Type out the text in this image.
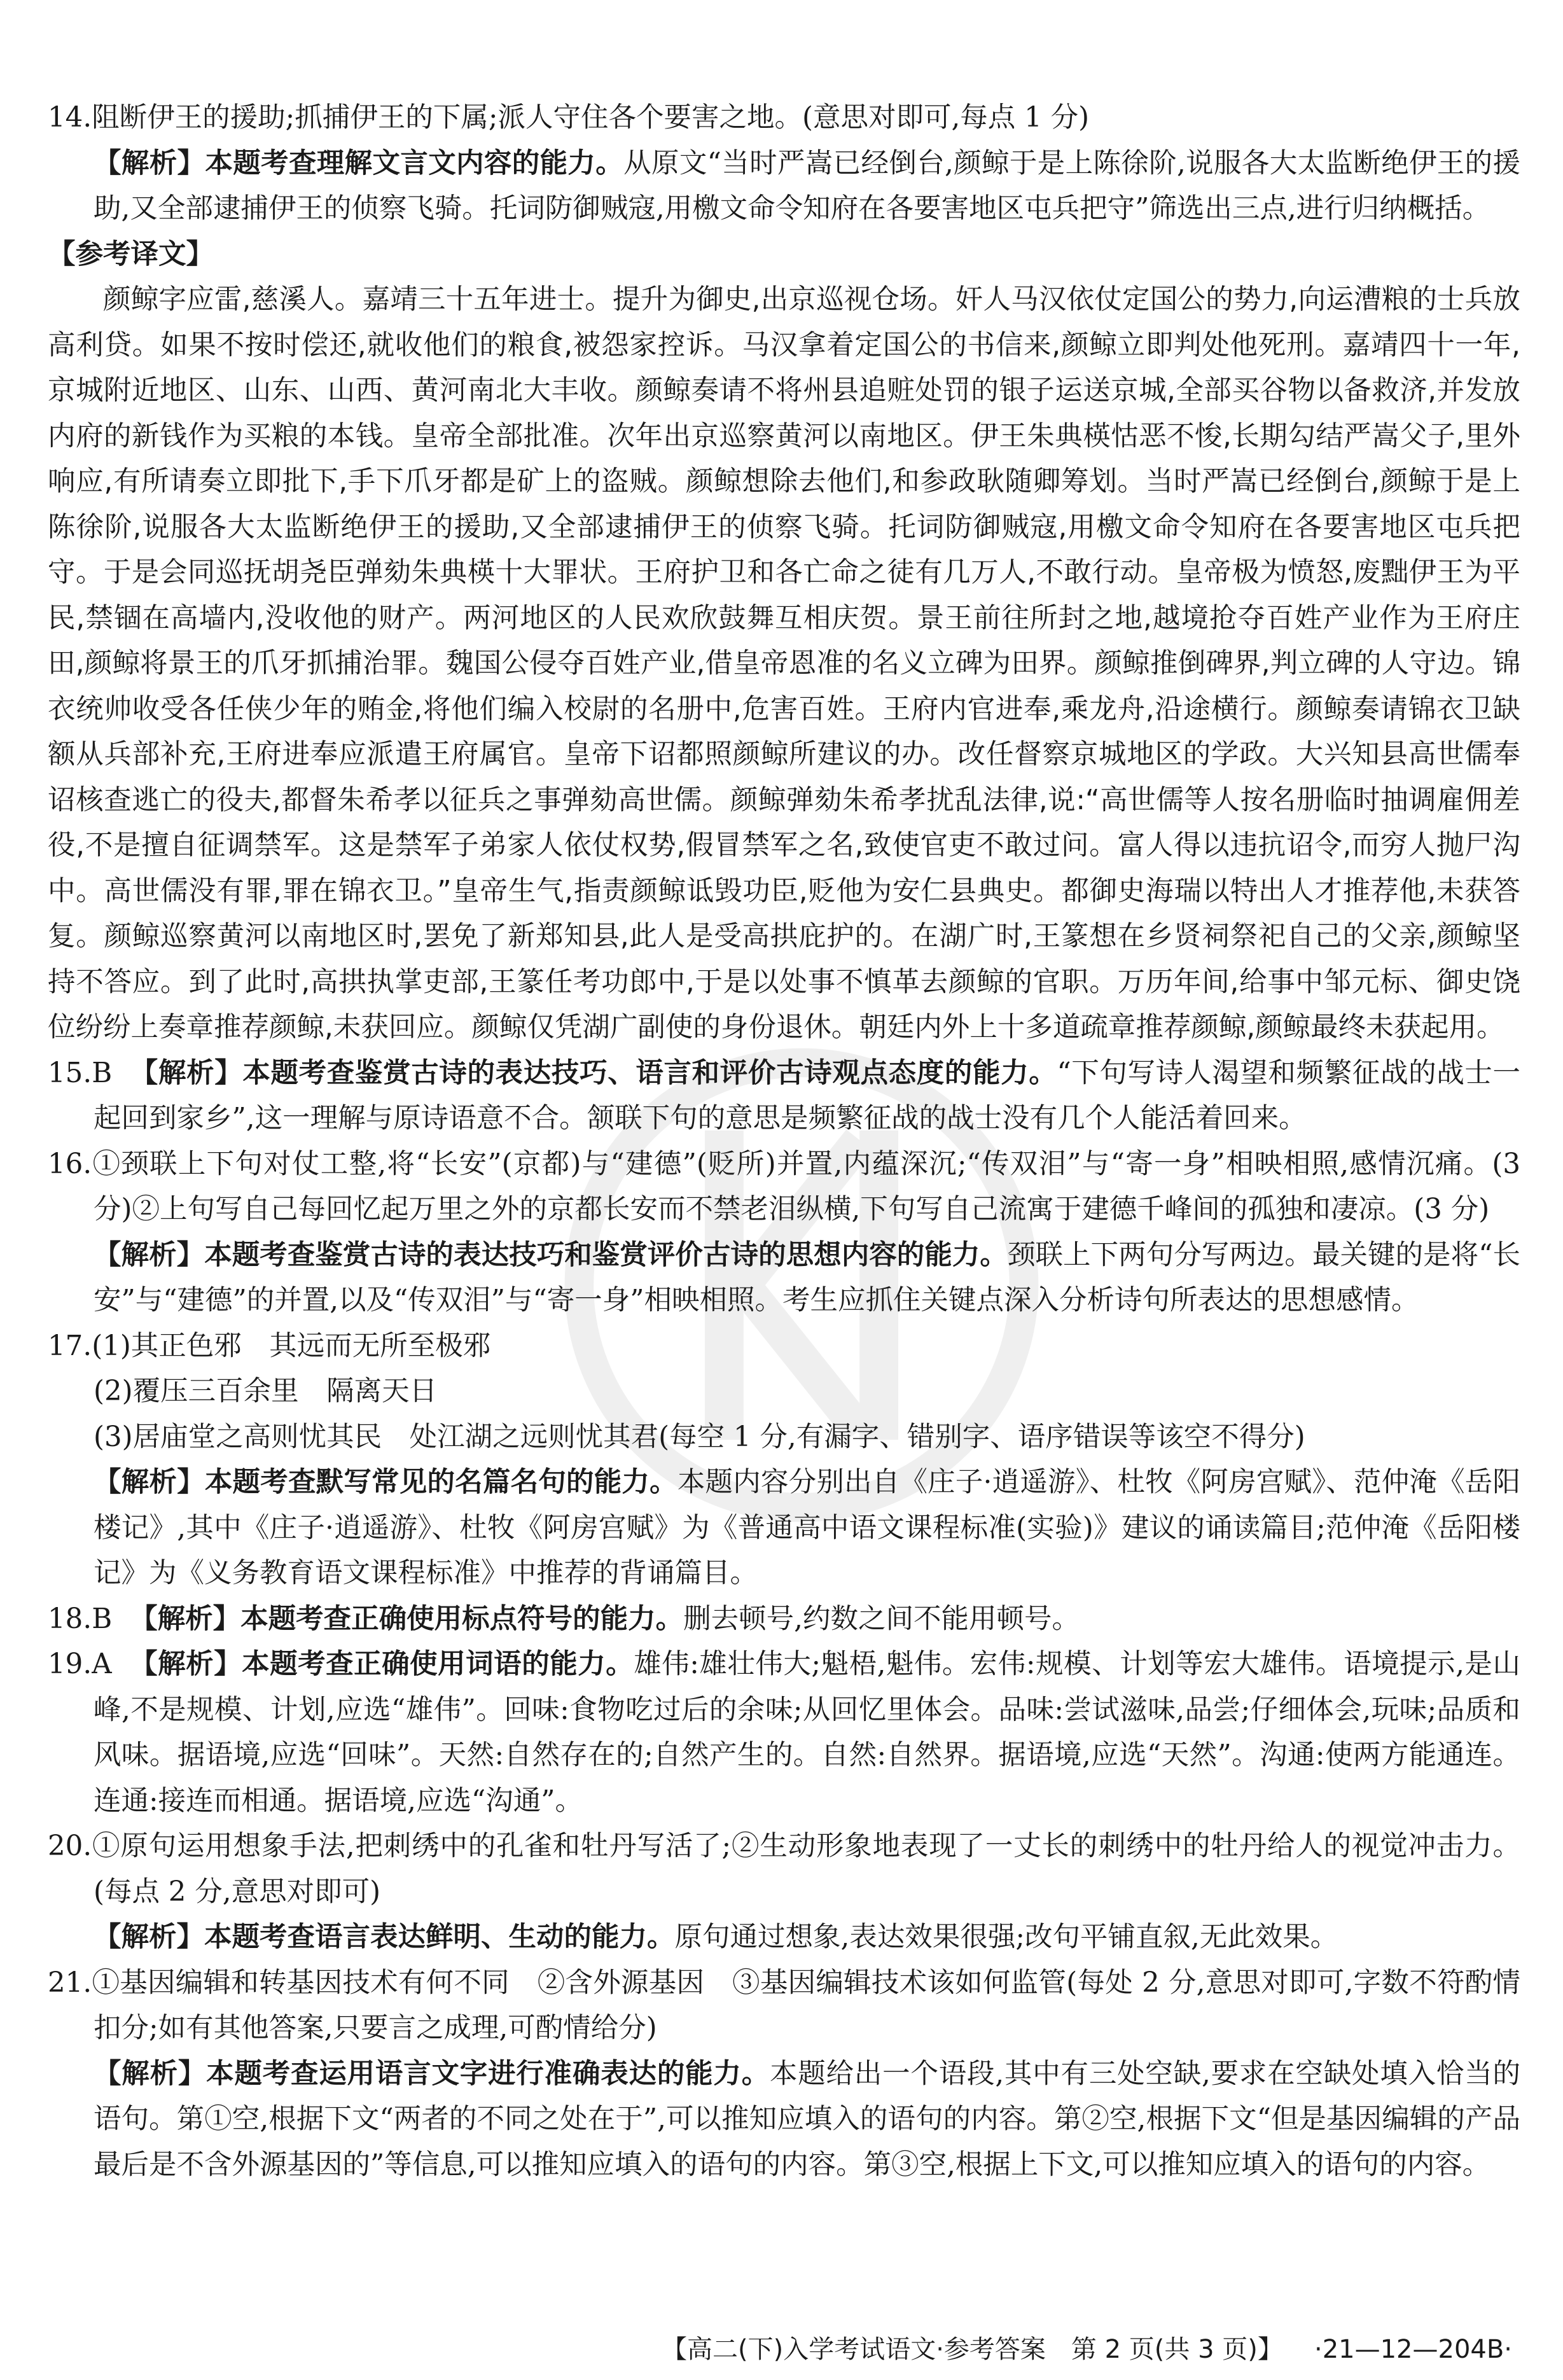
14.阻断伊王的援助;抓捕伊王的下属;派人守住各个要害之地。(意思对即可,每点 1 分)

【解析】本题考查理解文言文内容的能力。从原文“当时严嵩已经倒台,颜鲸于是上陈徐阶,说服各大太监断绝伊王的援助,又全部逮捕伊王的侦察飞骑。托词防御贼寇,用檄文命令知府在各要害地区屯兵把守”筛选出三点,进行归纳概括。

【参考译文】

颜鲸字应雷,慈溪人。嘉靖三十五年进士。提升为御史,出京巡视仓场。奸人马汉依仗定国公的势力,向运漕粮的士兵放高利贷。如果不按时偿还,就收他们的粮食,被怨家控诉。马汉拿着定国公的书信来,颜鲸立即判处他死刑。嘉靖四十一年,京城附近地区、山东、山西、黄河南北大丰收。颜鲸奏请不将州县追赃处罚的银子运送京城,全部买谷物以备救济,并发放内府的新钱作为买粮的本钱。皇帝全部批准。次年出京巡察黄河以南地区。伊王朱典楧怙恶不悛,长期勾结严嵩父子,里外响应,有所请奏立即批下,手下爪牙都是矿上的盗贼。颜鲸想除去他们,和参政耿随卿筹划。当时严嵩已经倒台,颜鲸于是上陈徐阶,说服各大太监断绝伊王的援助,又全部逮捕伊王的侦察飞骑。托词防御贼寇,用檄文命令知府在各要害地区屯兵把守。于是会同巡抚胡尧臣弹劾朱典楧十大罪状。王府护卫和各亡命之徒有几万人,不敢行动。皇帝极为愤怒,废黜伊王为平民,禁锢在高墙内,没收他的财产。两河地区的人民欢欣鼓舞互相庆贺。景王前往所封之地,越境抢夺百姓产业作为王府庄田,颜鲸将景王的爪牙抓捕治罪。魏国公侵夺百姓产业,借皇帝恩准的名义立碑为田界。颜鲸推倒碑界,判立碑的人守边。锦衣统帅收受各任侠少年的贿金,将他们编入校尉的名册中,危害百姓。王府内官进奉,乘龙舟,沿途横行。颜鲸奏请锦衣卫缺额从兵部补充,王府进奉应派遣王府属官。皇帝下诏都照颜鲸所建议的办。改任督察京城地区的学政。大兴知县高世儒奉诏核查逃亡的役夫,都督朱希孝以征兵之事弹劾高世儒。颜鲸弹劾朱希孝扰乱法律,说:“高世儒等人按名册临时抽调雇佣差役,不是擅自征调禁军。这是禁军子弟家人依仗权势,假冒禁军之名,致使官吏不敢过问。富人得以违抗诏令,而穷人抛尸沟中。高世儒没有罪,罪在锦衣卫。”皇帝生气,指责颜鲸诋毁功臣,贬他为安仁县典史。都御史海瑞以特出人才推荐他,未获答复。颜鲸巡察黄河以南地区时,罢免了新郑知县,此人是受高拱庇护的。在湖广时,王篆想在乡贤祠祭祀自己的父亲,颜鲸坚持不答应。到了此时,高拱执掌吏部,王篆任考功郎中,于是以处事不慎革去颜鲸的官职。万历年间,给事中邹元标、御史饶位纷纷上奏章推荐颜鲸,未获回应。颜鲸仅凭湖广副使的身份退休。朝廷内外上十多道疏章推荐颜鲸,颜鲸最终未获起用。

15.B 【解析】本题考查鉴赏古诗的表达技巧、语言和评价古诗观点态度的能力。“下句写诗人渴望和频繁征战的战士一起回到家乡”,这一理解与原诗语意不合。颔联下句的意思是频繁征战的战士没有几个人能活着回来。

16.①颈联上下句对仗工整,将“长安”(京都)与“建德”(贬所)并置,内蕴深沉;“传双泪”与“寄一身”相映相照,感情沉痛。(3 分)②上句写自己每回忆起万里之外的京都长安而不禁老泪纵横,下句写自己流寓于建德千峰间的孤独和凄凉。(3 分)

【解析】本题考查鉴赏古诗的表达技巧和鉴赏评价古诗的思想内容的能力。颈联上下两句分写两边。最关键的是将“长安”与“建德”的并置,以及“传双泪”与“寄一身”相映相照。考生应抓住关键点深入分析诗句所表达的思想感情。

17.(1)其正色邪　其远而无所至极邪

(2)覆压三百余里　隔离天日

(3)居庙堂之高则忧其民　处江湖之远则忧其君(每空 1 分,有漏字、错别字、语序错误等该空不得分)

【解析】本题考查默写常见的名篇名句的能力。本题内容分别出自《庄子·逍遥游》、杜牧《阿房宫赋》、范仲淹《岳阳楼记》,其中《庄子·逍遥游》、杜牧《阿房宫赋》为《普通高中语文课程标准(实验)》建议的诵读篇目;范仲淹《岳阳楼记》为《义务教育语文课程标准》中推荐的背诵篇目。

18.B 【解析】本题考查正确使用标点符号的能力。删去顿号,约数之间不能用顿号。

19.A 【解析】本题考查正确使用词语的能力。雄伟:雄壮伟大;魁梧,魁伟。宏伟:规模、计划等宏大雄伟。语境提示,是山峰,不是规模、计划,应选“雄伟”。回味:食物吃过后的余味;从回忆里体会。品味:尝试滋味,品尝;仔细体会,玩味;品质和风味。据语境,应选“回味”。天然:自然存在的;自然产生的。自然:自然界。据语境,应选“天然”。沟通:使两方能通连。连通:接连而相通。据语境,应选“沟通”。

20.①原句运用想象手法,把刺绣中的孔雀和牡丹写活了;②生动形象地表现了一丈长的刺绣中的牡丹给人的视觉冲击力。(每点 2 分,意思对即可)

【解析】本题考查语言表达鲜明、生动的能力。原句通过想象,表达效果很强;改句平铺直叙,无此效果。

21.①基因编辑和转基因技术有何不同　②含外源基因　③基因编辑技术该如何监管(每处 2 分,意思对即可,字数不符酌情扣分;如有其他答案,只要言之成理,可酌情给分)

【解析】本题考查运用语言文字进行准确表达的能力。本题给出一个语段,其中有三处空缺,要求在空缺处填入恰当的语句。第①空,根据下文“两者的不同之处在于”,可以推知应填入的语句的内容。第②空,根据下文“但是基因编辑的产品最后是不含外源基因的”等信息,可以推知应填入的语句的内容。第③空,根据上下文,可以推知应填入的语句的内容。

【高二(下)入学考试语文·参考答案　第 2 页(共 3 页)】 ·21—12—204B·
